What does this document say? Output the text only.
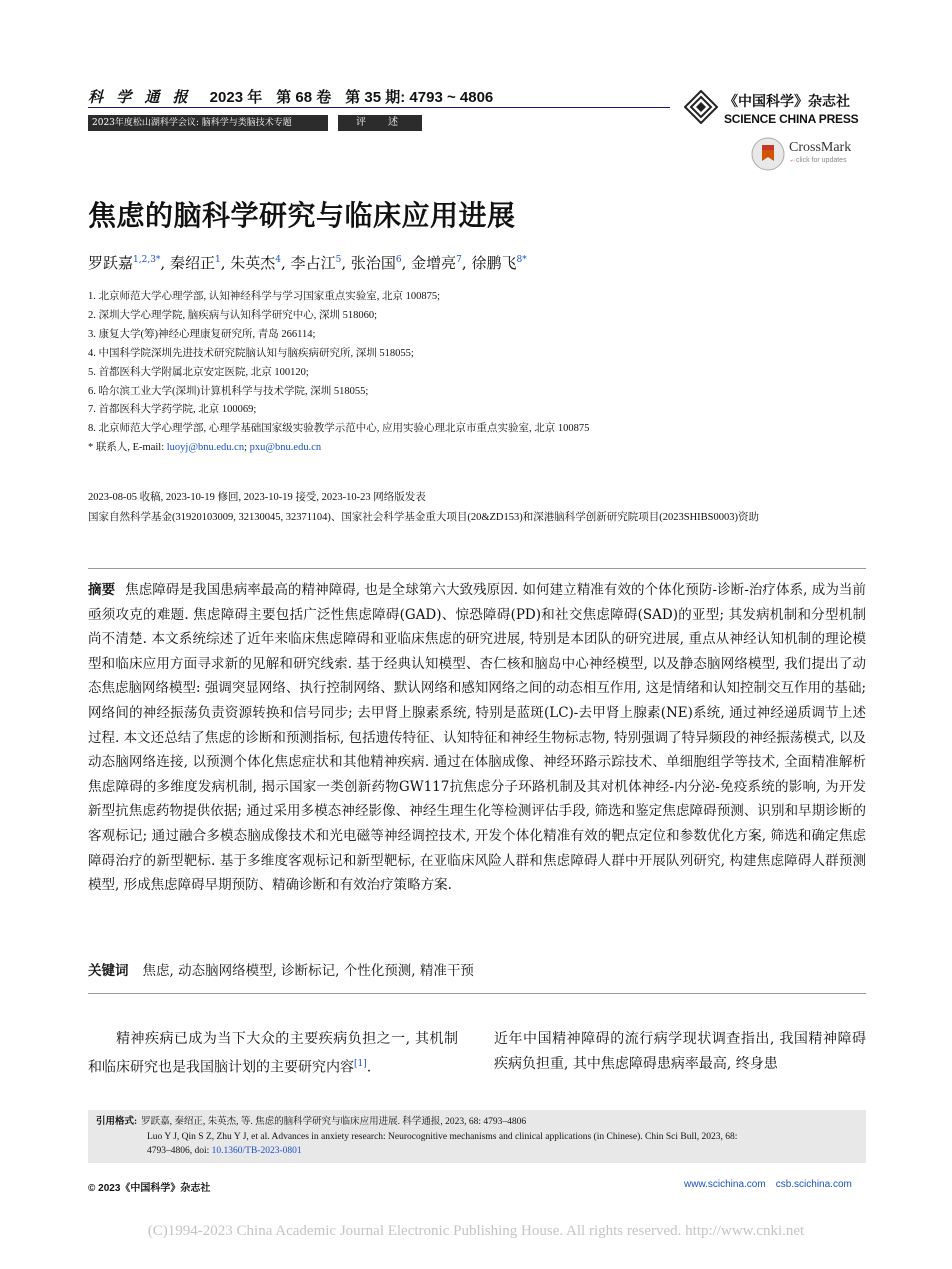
科 学 通 报 2023 年 第 68 卷 第 35 期: 4793 ~ 4806
2023年度松山湖科学会议: 脑科学与类脑技术专题	评　述
《中国科学》杂志社
SCIENCE CHINA PRESS
CrossMark
←click for updates
焦虑的脑科学研究与临床应用进展
罗跃嘉$^{1,2,3*}$, 秦绍正$^1$, 朱英杰$^4$, 李占江$^5$, 张治国$^6$, 金增亮$^7$, 徐鹏飞$^{8*}$
1. 北京师范大学心理学部, 认知神经科学与学习国家重点实验室, 北京 100875;
2. 深圳大学心理学院, 脑疾病与认知科学研究中心, 深圳 518060;
3. 康复大学(筹)神经心理康复研究所, 青岛 266114;
4. 中国科学院深圳先进技术研究院脑认知与脑疾病研究所, 深圳 518055;
5. 首都医科大学附属北京安定医院, 北京 100120;
6. 哈尔滨工业大学(深圳)计算机科学与技术学院, 深圳 518055;
7. 首都医科大学药学院, 北京 100069;
8. 北京师范大学心理学部, 心理学基础国家级实验教学示范中心, 应用实验心理北京市重点实验室, 北京 100875
* 联系人, E-mail: luoyj@bnu.edu.cn; pxu@bnu.edu.cn
2023-08-05 收稿, 2023-10-19 修回, 2023-10-19 接受, 2023-10-23 网络版发表
国家自然科学基金(31920103009, 32130045, 32371104)、国家社会科学基金重大项目(20&ZD153)和深港脑科学创新研究院项目(2023SHIBS0003)资助
摘要 焦虑障碍是我国患病率最高的精神障碍, 也是全球第六大致残原因. 如何建立精准有效的个体化预防-诊断-治疗体系, 成为当前亟须攻克的难题. 焦虑障碍主要包括广泛性焦虑障碍(GAD)、惊恐障碍(PD)和社交焦虑障碍(SAD)的亚型; 其发病机制和分型机制尚不清楚. 本文系统综述了近年来临床焦虑障碍和亚临床焦虑的研究进展, 特别是本团队的研究进展, 重点从神经认知机制的理论模型和临床应用方面寻求新的见解和研究线索. 基于经典认知模型、杏仁核和脑岛中心神经模型, 以及静态脑网络模型, 我们提出了动态焦虑脑网络模型: 强调突显网络、执行控制网络、默认网络和感知网络之间的动态相互作用, 这是情绪和认知控制交互作用的基础; 网络间的神经振荡负责资源转换和信号同步; 去甲肾上腺素系统, 特别是蓝斑(LC)-去甲肾上腺素(NE)系统, 通过神经递质调节上述过程. 本文还总结了焦虑的诊断和预测指标, 包括遗传特征、认知特征和神经生物标志物, 特别强调了特异频段的神经振荡模式, 以及动态脑网络连接, 以预测个体化焦虑症状和其他精神疾病. 通过在体脑成像、神经环路示踪技术、单细胞组学等技术, 全面精准解析焦虑障碍的多维度发病机制, 揭示国家一类创新药物GW117抗焦虑分子环路机制及其对机体神经-内分泌-免疫系统的影响, 为开发新型抗焦虑药物提供依据; 通过采用多模态神经影像、神经生理生化等检测评估手段, 筛选和鉴定焦虑障碍预测、识别和早期诊断的客观标记; 通过融合多模态脑成像技术和光电磁等神经调控技术, 开发个体化精准有效的靶点定位和参数优化方案, 筛选和确定焦虑障碍治疗的新型靶标. 基于多维度客观标记和新型靶标, 在亚临床风险人群和焦虑障碍人群中开展队列研究, 构建焦虑障碍人群预测模型, 形成焦虑障碍早期预防、精确诊断和有效治疗策略方案.
关键词 焦虑, 动态脑网络模型, 诊断标记, 个性化预测, 精准干预
精神疾病已成为当下大众的主要疾病负担之一, 其机制和临床研究也是我国脑计划的主要研究内容[1].
近年中国精神障碍的流行病学现状调查指出, 我国精神障碍疾病负担重, 其中焦虑障碍患病率最高, 终身患
引用格式: 罗跃嘉, 秦绍正, 朱英杰, 等. 焦虑的脑科学研究与临床应用进展. 科学通报, 2023, 68: 4793–4806
Luo Y J, Qin S Z, Zhu Y J, et al. Advances in anxiety research: Neurocognitive mechanisms and clinical applications (in Chinese). Chin Sci Bull, 2023, 68:
4793–4806, doi: 10.1360/TB-2023-0801
© 2023《中国科学》杂志社	www.scichina.com csb.scichina.com
(C)1994-2023 China Academic Journal Electronic Publishing House. All rights reserved. http://www.cnki.net
